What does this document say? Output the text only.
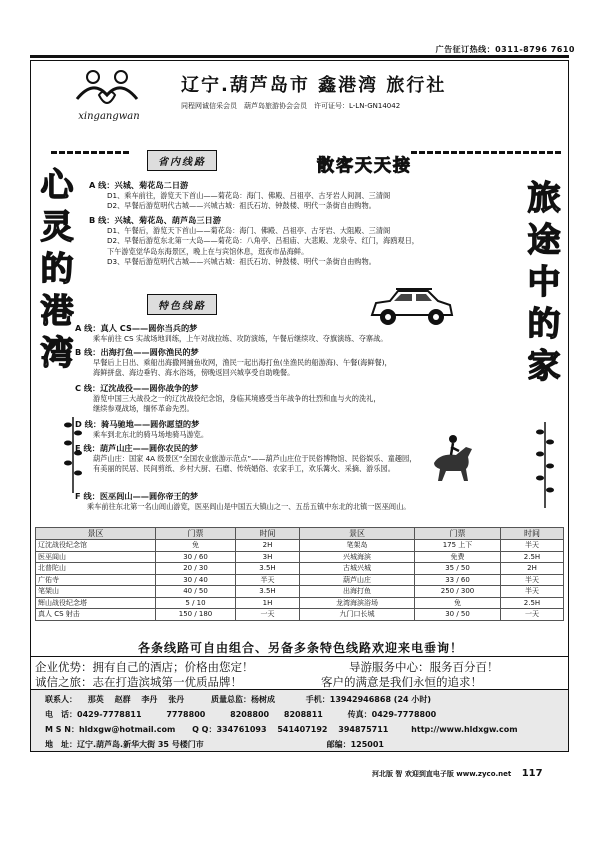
广告征订热线：0311-8796 7610
xingangwan
辽宁.葫芦岛市 鑫港湾 旅行社
同程网诚信采会员　葫芦岛旅游协会会员　许可证号：L-LN-GN14042
心
灵
的
港
湾
旅
途
中
的
家
省内线路	散客天天接
特色线路
A 线：兴城、菊花岛二日游
D1、乘车前往，游览天下首山——菊花岛：海门、佛殿、吕祖亭、古牙岩人间洞、三清阁
D2、早餐后游览明代古城——兴城古城：祖氏石坊、钟鼓楼、明代一条街自由购物。
B 线：兴城、菊花岛、葫芦岛三日游
D1、午餐后，游览天下首山——菊花岛：海门、佛殿、吕祖亭、古牙岩、大阻殿、三清阁
D2、早餐后游览东北第一大岛——菊花岛：八角亭、吕祖庙、大悲殿、龙泉寺、红门，海鸥观日，
下午游览觉华岛东海景区，晚上在与宾馆休息，逛夜市品海鲜。
D3、早餐后游览明代古城——兴城古城：祖氏石坊、钟鼓楼、明代一条街自由购物。
A 线：真人 CS——圆你当兵的梦
乘车前往 CS 实战场地训练，上午对战拉练、攻防演练，午餐后继续攻、夺旗演练、夺寨战。
B 线：出海打鱼——圆你渔民的梦
早餐后上日出、乘船出海撒网捕鱼收网，渔民一起出海打鱼(坐渔民的船游海)、午餐(海鲜餐)，
海鲜拼盘、海边垂钓、海水浴场，傍晚返回兴城享受自助晚餐。
C 线：辽沈战役——圆你战争的梦
游览中国三大战役之一的辽沈战役纪念馆，身临其境感受当年战争的壮烈和血与火的洗礼，
继续参观战场，缅怀革命先烈。
D 线：骑马驰地——圆你愿望的梦
乘车到北东北的骑马场地骑马游览。
E 线：葫芦山庄——圆你农民的梦
葫芦山庄：国家 4A 级景区“全国农业旅游示范点”——葫芦山庄位于民俗博物馆、民俗娱乐、童趣园，
有美丽的民居、民间剪纸、乡村大厨、石磨、传统婚俗、农家手工，欢乐篝火、采摘、游乐园。
F 线：医巫闾山——圆你帝王的梦
乘车前往东北第一名山闾山游览，医巫闾山是中国五大镇山之一、五岳五镇中东北的北镇一医巫闾山。
景区	门票	时间	景区	门票	时间
辽沈战役纪念馆	免	2H	笔架岛	175 上下	半天
医巫闾山	30 / 60	3H	兴城海滨	免费	2.5H
北普陀山	20 / 30	3.5H	古城兴城	35 / 50	2H
广佑寺	30 / 40	半天	葫芦山庄	33 / 60	半天
笔架山	40 / 50	3.5H	出海打鱼	250 / 300	半天
辉山战役纪念塔	5 / 10	1H	龙湾海滨浴场	免	2.5H
真人 CS 射击	150 / 180	一天	九门口长城	30 / 50	一天
各条线路可自由组合、另备多条特色线路欢迎来电垂询！
企业优势：拥有自己的酒店；价格由您定！	导游服务中心：服务百分百！
诚信之旅：志在打造滨城第一优质品牌！	客户的满意是我们永恒的追求！
联系人： 那英 赵群 李丹 张丹	质量总监：杨树成	手机：13942946868 (24 小时)
电　话：0429-7778811	7778800	8208800 8208811	传真：0429-7778800
M S N：hldxgw@hotmail.com Q Q：334761093 541407192 394875711	http://www.hldxgw.com
地　址：辽宁.葫芦岛.新华大街 35 号楼门市	邮编：125001
河北版 智 欢迎到直电子版 www.zyco.net 117
